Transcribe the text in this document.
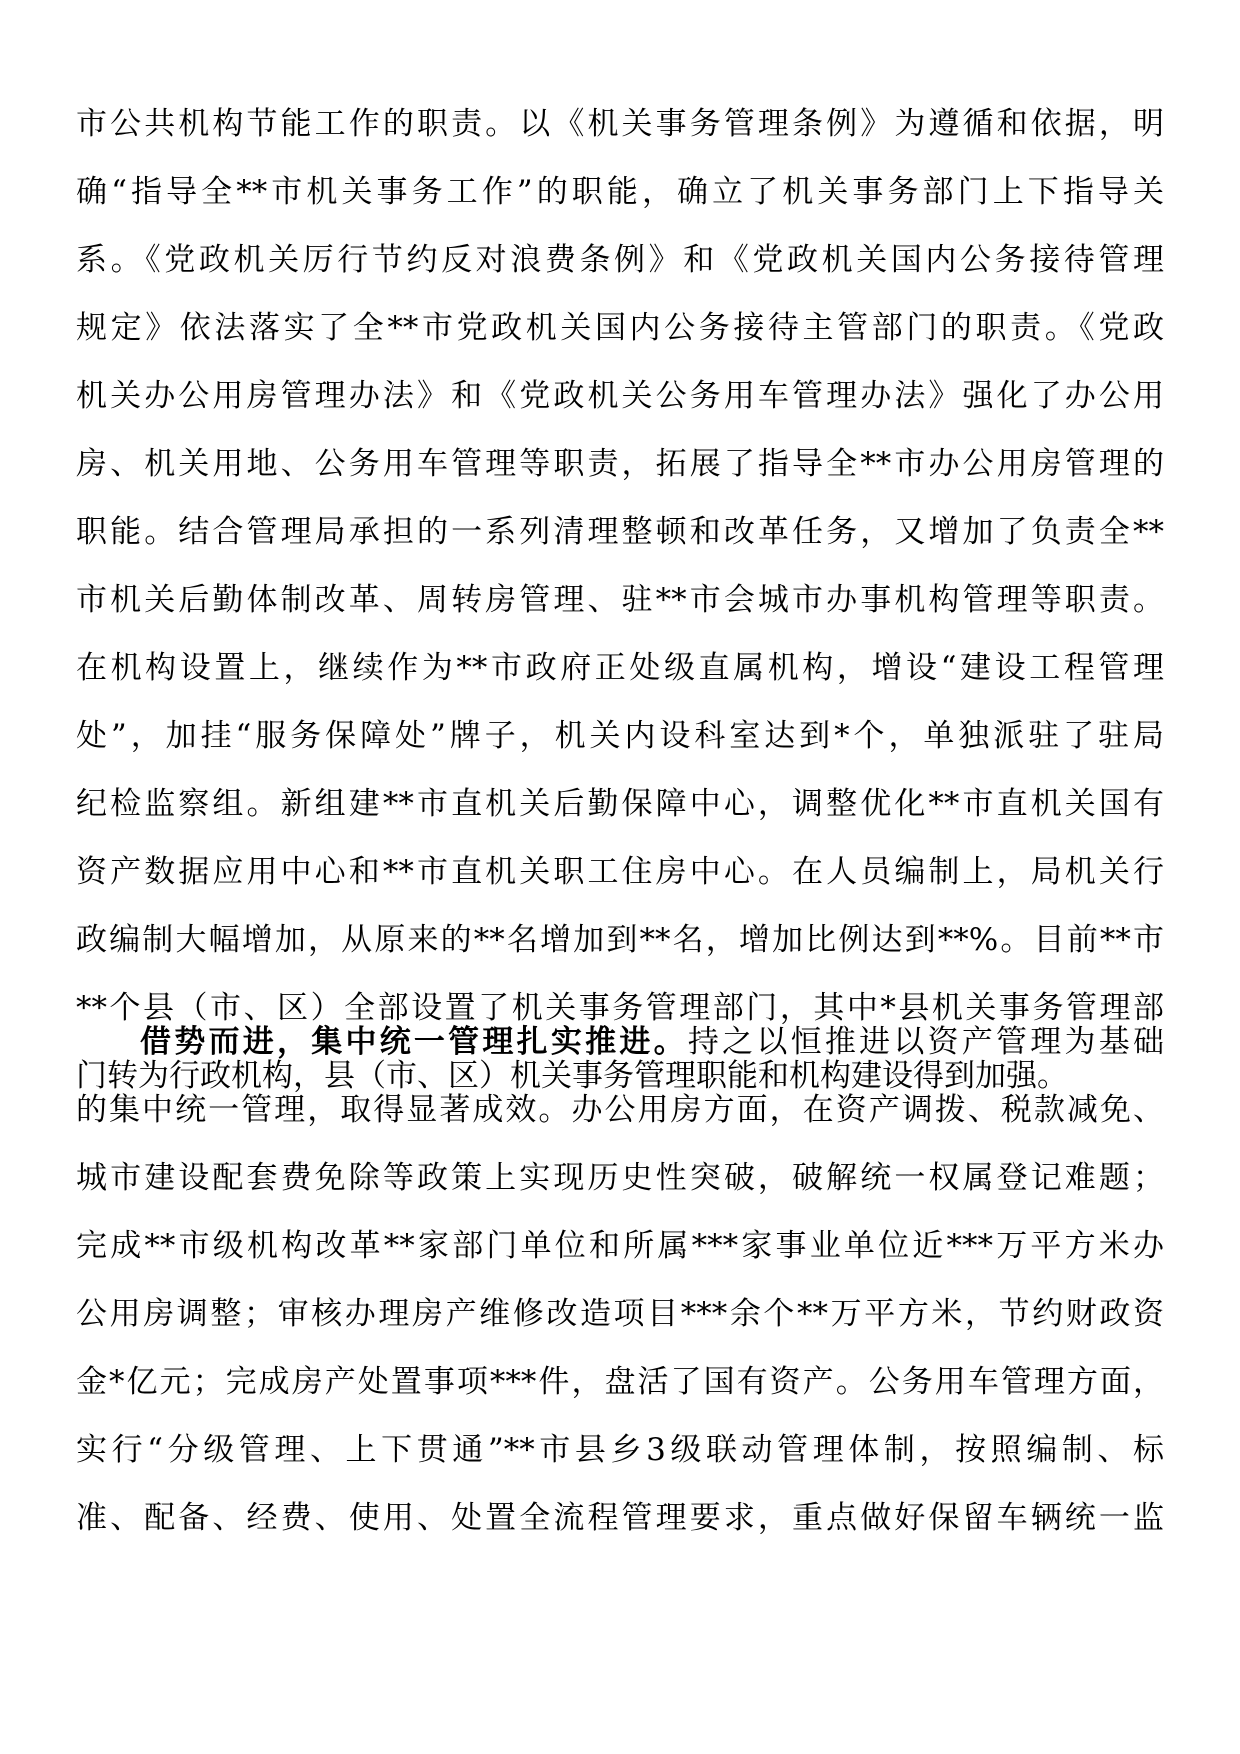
市公共机构节能工作的职责。以《机关事务管理条例》为遵循和依据，明
确“指导全**市机关事务工作”的职能，确立了机关事务部门上下指导关
系。《党政机关厉行节约反对浪费条例》和《党政机关国内公务接待管理
规定》依法落实了全**市党政机关国内公务接待主管部门的职责。《党政
机关办公用房管理办法》和《党政机关公务用车管理办法》强化了办公用
房、机关用地、公务用车管理等职责，拓展了指导全**市办公用房管理的
职能。结合管理局承担的一系列清理整顿和改革任务，又增加了负责全**
市机关后勤体制改革、周转房管理、驻**市会城市办事机构管理等职责。
在机构设置上，继续作为**市政府正处级直属机构，增设“建设工程管理
处”，加挂“服务保障处”牌子，机关内设科室达到*个，单独派驻了驻局
纪检监察组。新组建**市直机关后勤保障中心，调整优化**市直机关国有
资产数据应用中心和**市直机关职工住房中心。在人员编制上，局机关行
政编制大幅增加，从原来的**名增加到**名，增加比例达到**%。目前**市
**个县（市、区）全部设置了机关事务管理部门，其中*县机关事务管理部
门转为行政机构，县（市、区）机关事务管理职能和机构建设得到加强。
借势而进，集中统一管理扎实推进。持之以恒推进以资产管理为基础
的集中统一管理，取得显著成效。办公用房方面，在资产调拨、税款减免、
城市建设配套费免除等政策上实现历史性突破，破解统一权属登记难题；
完成**市级机构改革**家部门单位和所属***家事业单位近***万平方米办
公用房调整；审核办理房产维修改造项目***余个**万平方米，节约财政资
金*亿元；完成房产处置事项***件，盘活了国有资产。公务用车管理方面，
实行“分级管理、上下贯通”**市县乡3级联动管理体制，按照编制、标
准、配备、经费、使用、处置全流程管理要求，重点做好保留车辆统一监
